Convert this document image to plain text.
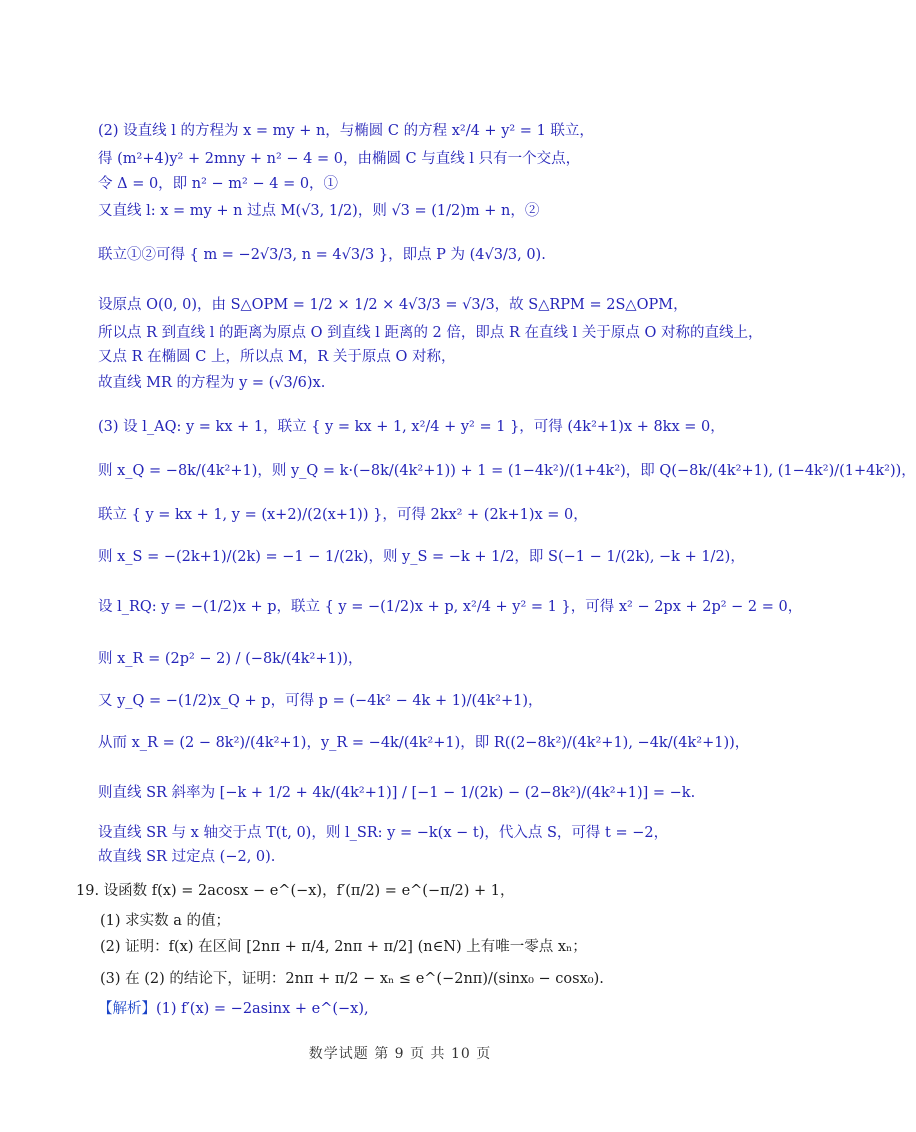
(2) 设直线 l 的方程为 x = my + n，与椭圆 C 的方程 x²/4 + y² = 1 联立，
得 (m²+4)y² + 2mny + n² − 4 = 0，由椭圆 C 与直线 l 只有一个交点，
令 Δ = 0，即 n² − m² − 4 = 0，①
又直线 l: x = my + n 过点 M(√3, 1/2)，则 √3 = (1/2)m + n，②
联立①②可得 { m = −2√3/3, n = 4√3/3 }，即点 P 为 (4√3/3, 0).
设原点 O(0, 0)，由 S△OPM = 1/2 × 1/2 × 4√3/3 = √3/3，故 S△RPM = 2S△OPM，
所以点 R 到直线 l 的距离为原点 O 到直线 l 距离的 2 倍，即点 R 在直线 l 关于原点 O 对称的直线上，
又点 R 在椭圆 C 上，所以点 M，R 关于原点 O 对称，
故直线 MR 的方程为 y = (√3/6)x.
(3) 设 l_AQ: y = kx + 1，联立 { y = kx + 1, x²/4 + y² = 1 }，可得 (4k²+1)x + 8kx = 0，
则 x_Q = −8k/(4k²+1)，则 y_Q = k·(−8k/(4k²+1)) + 1 = (1−4k²)/(1+4k²)，即 Q(−8k/(4k²+1), (1−4k²)/(1+4k²))，
联立 { y = kx + 1, y = (x+2)/(2(x+1)) }，可得 2kx² + (2k+1)x = 0，
则 x_S = −(2k+1)/(2k) = −1 − 1/(2k)，则 y_S = −k + 1/2，即 S(−1 − 1/(2k), −k + 1/2)，
设 l_RQ: y = −(1/2)x + p，联立 { y = −(1/2)x + p, x²/4 + y² = 1 }，可得 x² − 2px + 2p² − 2 = 0，
则 x_R = (2p² − 2) / (−8k/(4k²+1))，
又 y_Q = −(1/2)x_Q + p，可得 p = (−4k² − 4k + 1)/(4k²+1)，
从而 x_R = (2 − 8k²)/(4k²+1)，y_R = −4k/(4k²+1)，即 R((2−8k²)/(4k²+1), −4k/(4k²+1))，
则直线 SR 斜率为 [−k + 1/2 + 4k/(4k²+1)] / [−1 − 1/(2k) − (2−8k²)/(4k²+1)] = −k.
设直线 SR 与 x 轴交于点 T(t, 0)，则 l_SR: y = −k(x − t)，代入点 S，可得 t = −2，
故直线 SR 过定点 (−2, 0).
19. 设函数 f(x) = 2acosx − e^(−x)，f′(π/2) = e^(−π/2) + 1，
(1) 求实数 a 的值；
(2) 证明：f(x) 在区间 [2nπ + π/4, 2nπ + π/2] (n∈N) 上有唯一零点 xₙ；
(3) 在 (2) 的结论下，证明：2nπ + π/2 − xₙ ≤ e^(−2nπ)/(sinx₀ − cosx₀).
【解析】(1) f′(x) = −2asinx + e^(−x),
数学试题 第 9 页 共 10 页
